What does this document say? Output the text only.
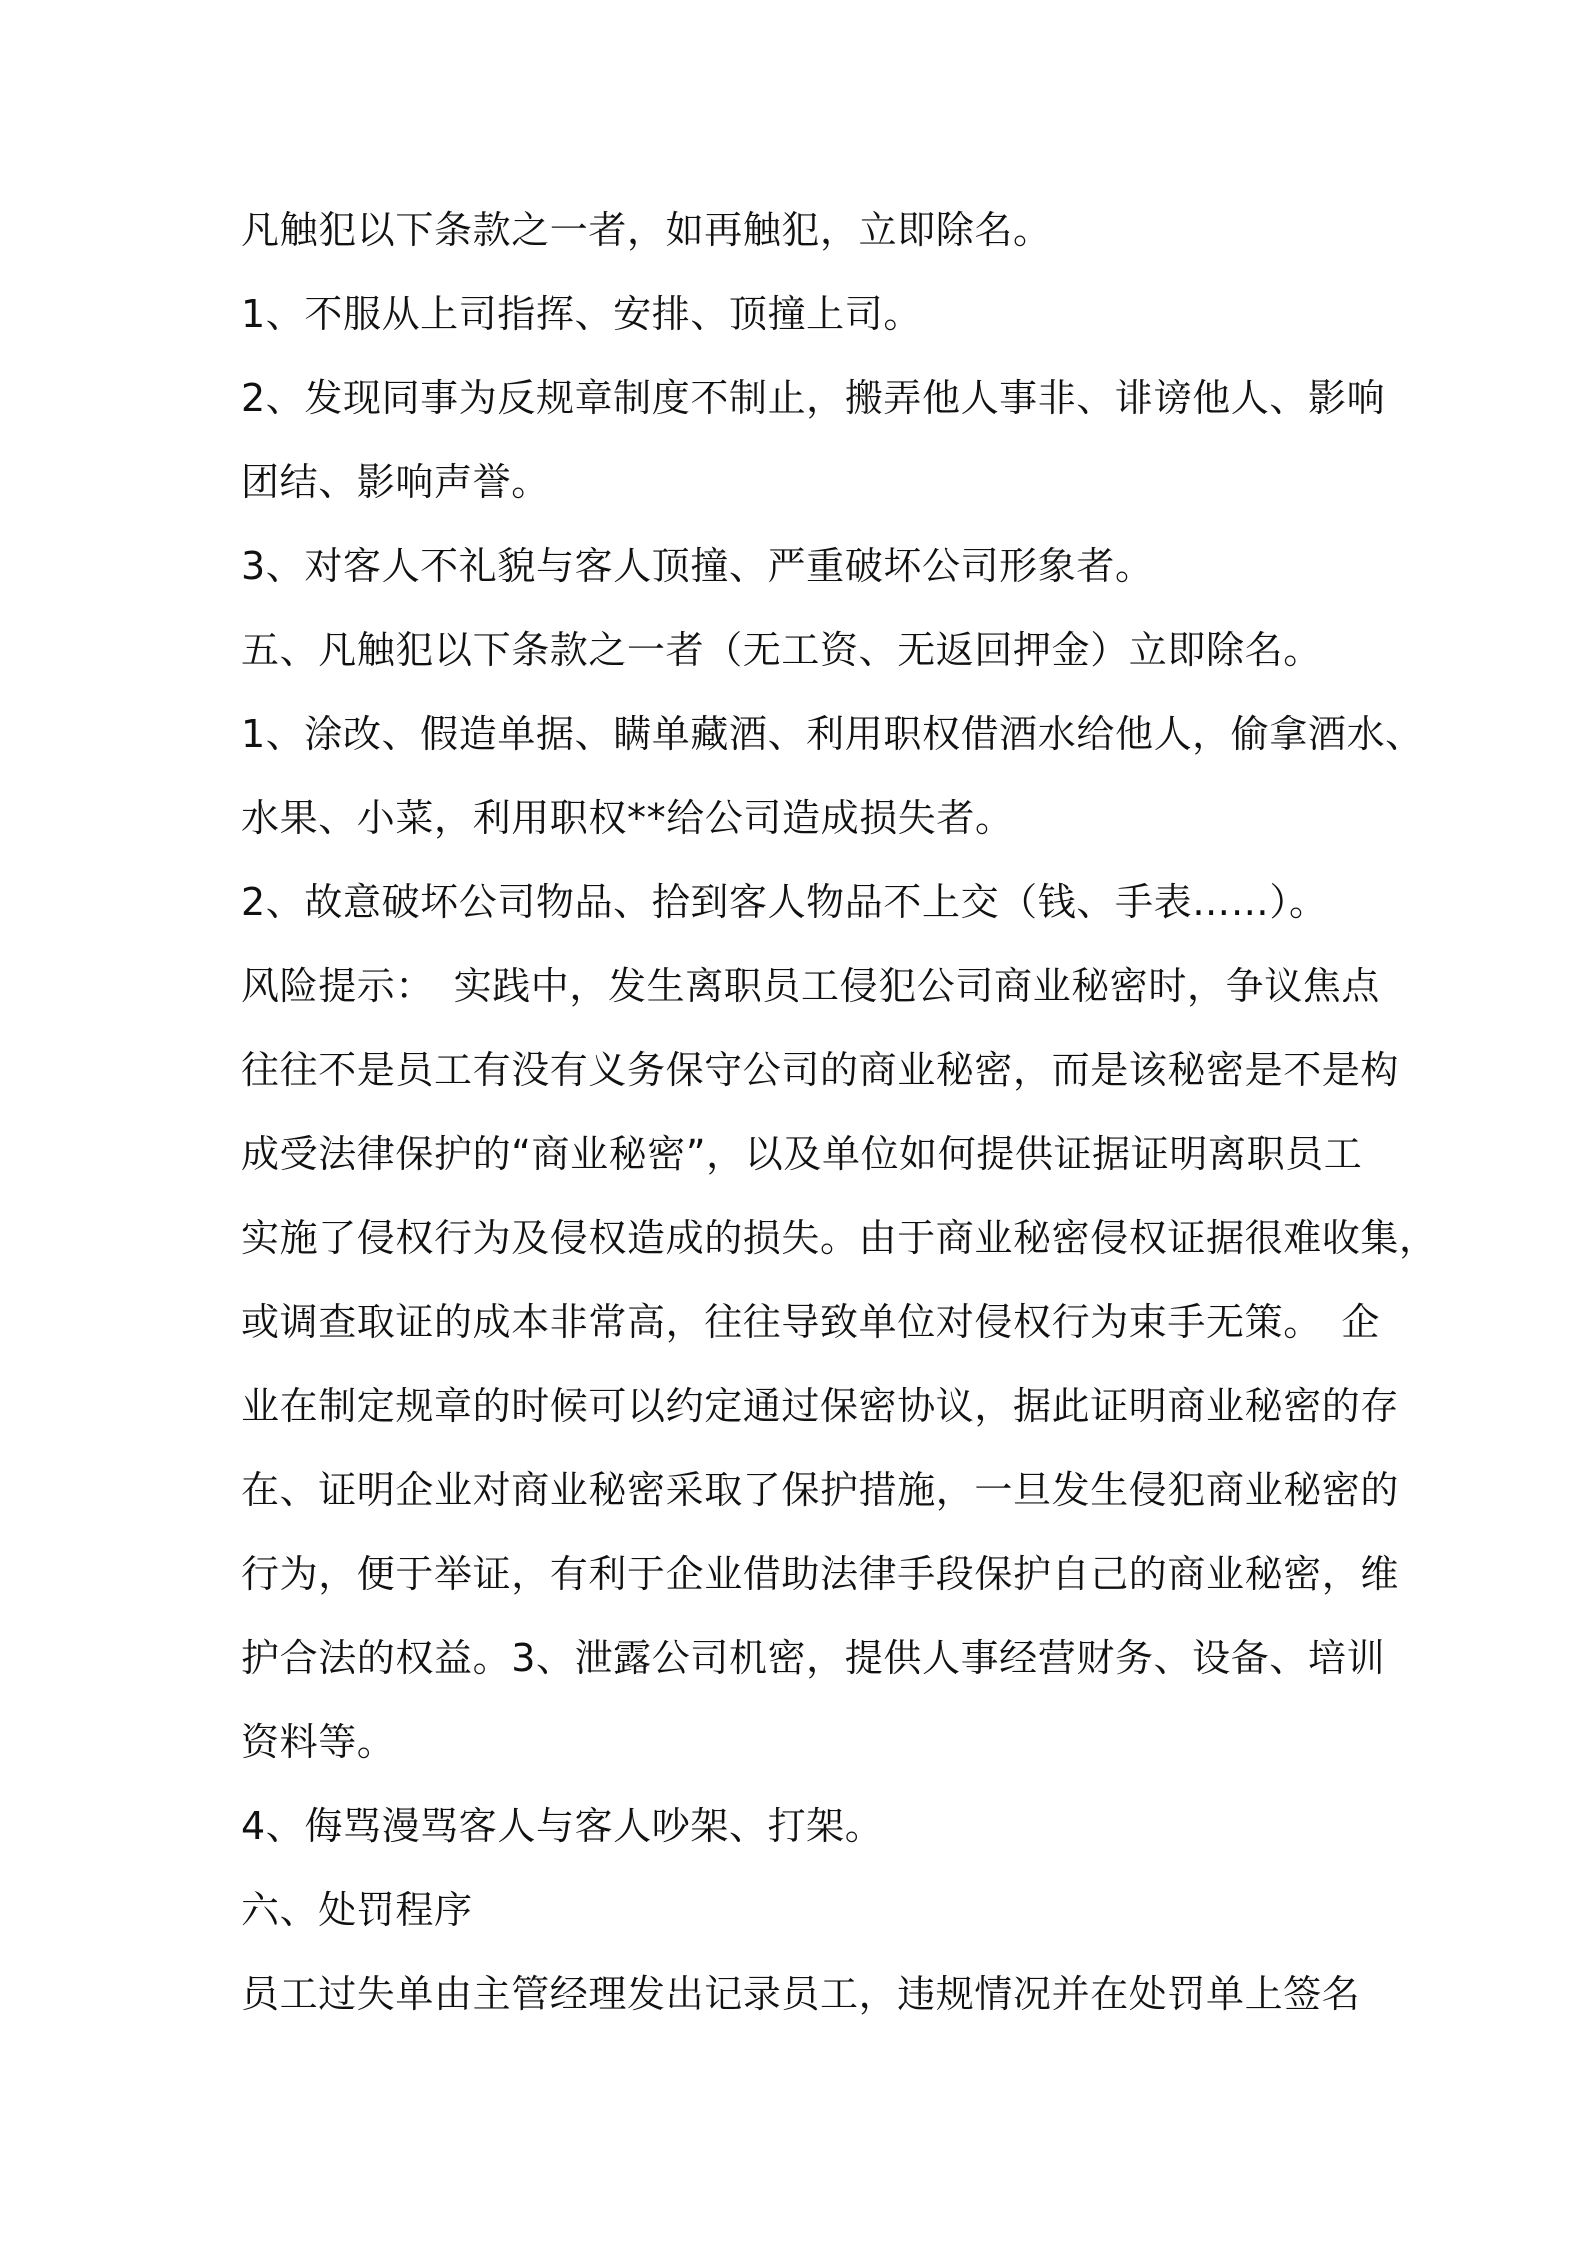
凡触犯以下条款之一者，如再触犯，立即除名。
1、不服从上司指挥、安排、顶撞上司。
2、发现同事为反规章制度不制止，搬弄他人事非、诽谤他人、影响
团结、影响声誉。
3、对客人不礼貌与客人顶撞、严重破坏公司形象者。
五、凡触犯以下条款之一者（无工资、无返回押金）立即除名。
1、涂改、假造单据、瞒单藏酒、利用职权借酒水给他人，偷拿酒水、
水果、小菜，利用职权**给公司造成损失者。
2、故意破坏公司物品、拾到客人物品不上交（钱、手表……）。
风险提示：　实践中，发生离职员工侵犯公司商业秘密时，争议焦点
往往不是员工有没有义务保守公司的商业秘密，而是该秘密是不是构
成受法律保护的“商业秘密”，以及单位如何提供证据证明离职员工
实施了侵权行为及侵权造成的损失。由于商业秘密侵权证据很难收集，
或调查取证的成本非常高，往往导致单位对侵权行为束手无策。　企
业在制定规章的时候可以约定通过保密协议，据此证明商业秘密的存
在、证明企业对商业秘密采取了保护措施，一旦发生侵犯商业秘密的
行为，便于举证，有利于企业借助法律手段保护自己的商业秘密，维
护合法的权益。3、泄露公司机密，提供人事经营财务、设备、培训
资料等。
4、侮骂漫骂客人与客人吵架、打架。
六、处罚程序
员工过失单由主管经理发出记录员工，违规情况并在处罚单上签名
